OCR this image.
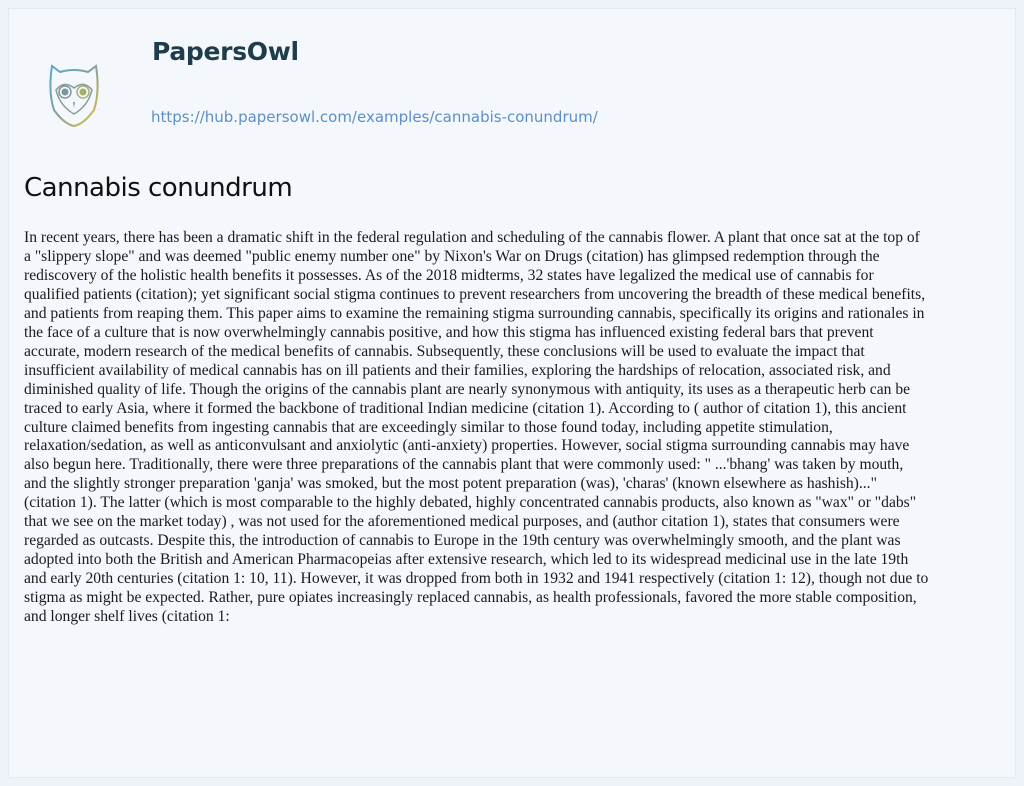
PapersOwl
https://hub.papersowl.com/examples/cannabis-conundrum/
Cannabis conundrum
In recent years, there has been a dramatic shift in the federal regulation and scheduling of the cannabis flower. A plant that once sat at the top of
a "slippery slope" and was deemed "public enemy number one" by Nixon's War on Drugs (citation) has glimpsed redemption through the
rediscovery of the holistic health benefits it possesses. As of the 2018 midterms, 32 states have legalized the medical use of cannabis for
qualified patients (citation); yet significant social stigma continues to prevent researchers from uncovering the breadth of these medical benefits,
and patients from reaping them. This paper aims to examine the remaining stigma surrounding cannabis, specifically its origins and rationales in
the face of a culture that is now overwhelmingly cannabis positive, and how this stigma has influenced existing federal bars that prevent
accurate, modern research of the medical benefits of cannabis. Subsequently, these conclusions will be used to evaluate the impact that
insufficient availability of medical cannabis has on ill patients and their families, exploring the hardships of relocation, associated risk, and
diminished quality of life. Though the origins of the cannabis plant are nearly synonymous with antiquity, its uses as a therapeutic herb can be
traced to early Asia, where it formed the backbone of traditional Indian medicine (citation 1). According to ( author of citation 1), this ancient
culture claimed benefits from ingesting cannabis that are exceedingly similar to those found today, including appetite stimulation,
relaxation/sedation, as well as anticonvulsant and anxiolytic (anti-anxiety) properties. However, social stigma surrounding cannabis may have
also begun here. Traditionally, there were three preparations of the cannabis plant that were commonly used: " ...'bhang' was taken by mouth,
and the slightly stronger preparation 'ganja' was smoked, but the most potent preparation (was), 'charas' (known elsewhere as hashish)..."
(citation 1). The latter (which is most comparable to the highly debated, highly concentrated cannabis products, also known as "wax" or "dabs"
that we see on the market today) , was not used for the aforementioned medical purposes, and (author citation 1), states that consumers were
regarded as outcasts. Despite this, the introduction of cannabis to Europe in the 19th century was overwhelmingly smooth, and the plant was
adopted into both the British and American Pharmacopeias after extensive research, which led to its widespread medicinal use in the late 19th
and early 20th centuries (citation 1: 10, 11). However, it was dropped from both in 1932 and 1941 respectively (citation 1: 12), though not due to
stigma as might be expected. Rather, pure opiates increasingly replaced cannabis, as health professionals, favored the more stable composition,
and longer shelf lives (citation 1:
